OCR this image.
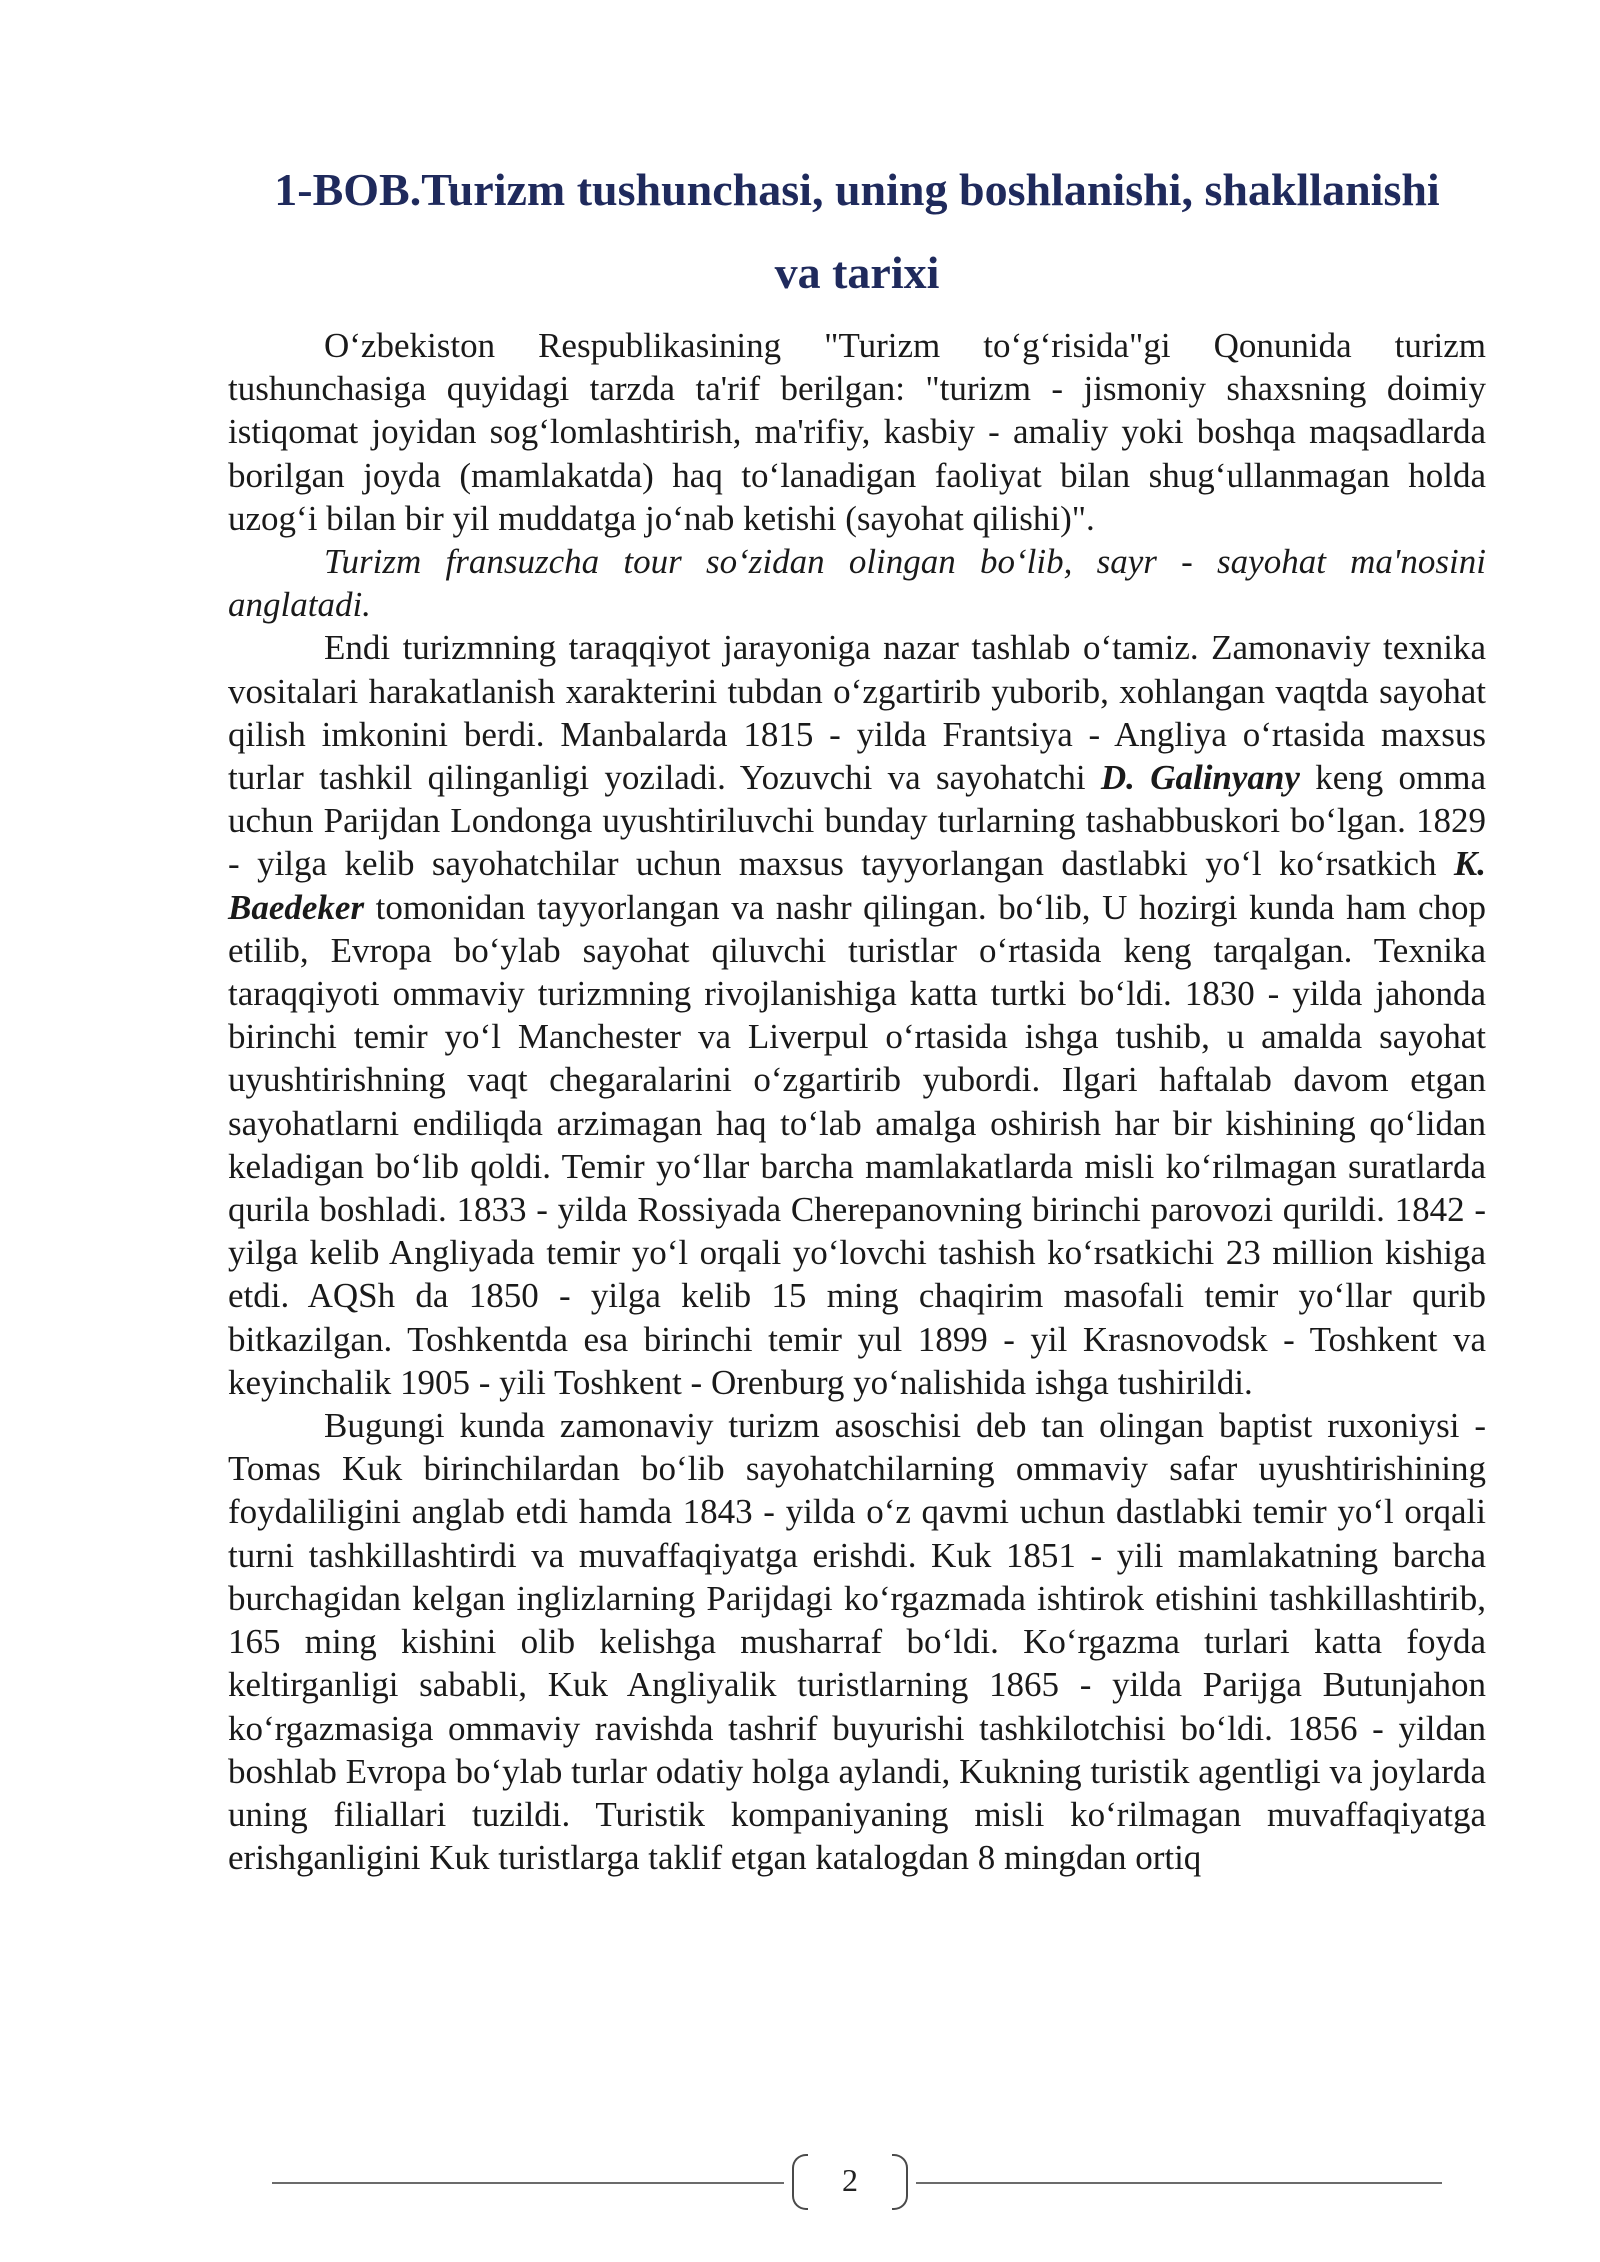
1-BOB.Turizm tushunchasi, uning boshlanishi, shakllanishi
va tarixi

O‘zbekiston Respublikasining "Turizm to‘g‘risida"gi Qonunida turizm tushunchasiga quyidagi tarzda ta'rif berilgan: "turizm - jismoniy shaxsning doimiy istiqomat joyidan sog‘lomlashtirish, ma'rifiy, kasbiy - amaliy yoki boshqa maqsadlarda borilgan joyda (mamlakatda) haq to‘lanadigan faoliyat bilan shug‘ullanmagan holda uzog‘i bilan bir yil muddatga jo‘nab ketishi (sayohat qilishi)".

Turizm fransuzcha tour so‘zidan olingan bo‘lib, sayr - sayohat ma'nosini anglatadi.

Endi turizmning taraqqiyot jarayoniga nazar tashlab o‘tamiz. Zamonaviy texnika vositalari harakatlanish xarakterini tubdan o‘zgartirib yuborib, xohlangan vaqtda sayohat qilish imkonini berdi. Manbalarda 1815 - yilda Frantsiya - Angliya o‘rtasida maxsus turlar tashkil qilinganligi yoziladi. Yozuvchi va sayohatchi D. Galinyany keng omma uchun Parijdan Londonga uyushtiriluvchi bunday turlarning tashabbuskori bo‘lgan. 1829 - yilga kelib sayohatchilar uchun maxsus tayyorlangan dastlabki yo‘l ko‘rsatkich K. Baedeker tomonidan tayyorlangan va nashr qilingan. bo‘lib, U hozirgi kunda ham chop etilib, Evropa bo‘ylab sayohat qiluvchi turistlar o‘rtasida keng tarqalgan. Texnika taraqqiyoti ommaviy turizmning rivojlanishiga katta turtki bo‘ldi. 1830 - yilda jahonda birinchi temir yo‘l Manchester va Liverpul o‘rtasida ishga tushib, u amalda sayohat uyushtirishning vaqt chegaralarini o‘zgartirib yubordi. Ilgari haftalab davom etgan sayohatlarni endiliqda arzimagan haq to‘lab amalga oshirish har bir kishining qo‘lidan keladigan bo‘lib qoldi. Temir yo‘llar barcha mamlakatlarda misli ko‘rilmagan suratlarda qurila boshladi. 1833 - yilda Rossiyada Cherepanovning birinchi parovozi qurildi. 1842 - yilga kelib Angliyada temir yo‘l orqali yo‘lovchi tashish ko‘rsatkichi 23 million kishiga etdi. AQSh da 1850 - yilga kelib 15 ming chaqirim masofali temir yo‘llar qurib bitkazilgan. Toshkentda esa birinchi temir yul 1899 - yil Krasnovodsk - Toshkent va keyinchalik 1905 - yili Toshkent - Orenburg yo‘nalishida ishga tushirildi.

Bugungi kunda zamonaviy turizm asoschisi deb tan olingan baptist ruxoniysi - Tomas Kuk birinchilardan bo‘lib sayohatchilarning ommaviy safar uyushtirishining foydaliligini anglab etdi hamda 1843 - yilda o‘z qavmi uchun dastlabki temir yo‘l orqali turni tashkillashtirdi va muvaffaqiyatga erishdi. Kuk 1851 - yili mamlakatning barcha burchagidan kelgan inglizlarning Parijdagi ko‘rgazmada ishtirok etishini tashkillashtirib, 165 ming kishini olib kelishga musharraf bo‘ldi. Ko‘rgazma turlari katta foyda keltirganligi sababli, Kuk Angliyalik turistlarning 1865 - yilda Parijga Butunjahon ko‘rgazmasiga ommaviy ravishda tashrif buyurishi tashkilotchisi bo‘ldi. 1856 - yildan boshlab Evropa bo‘ylab turlar odatiy holga aylandi, Kukning turistik agentligi va joylarda uning filiallari tuzildi. Turistik kompaniyaning misli ko‘rilmagan muvaffaqiyatga erishganligini Kuk turistlarga taklif etgan katalogdan 8 mingdan ortiq

2
